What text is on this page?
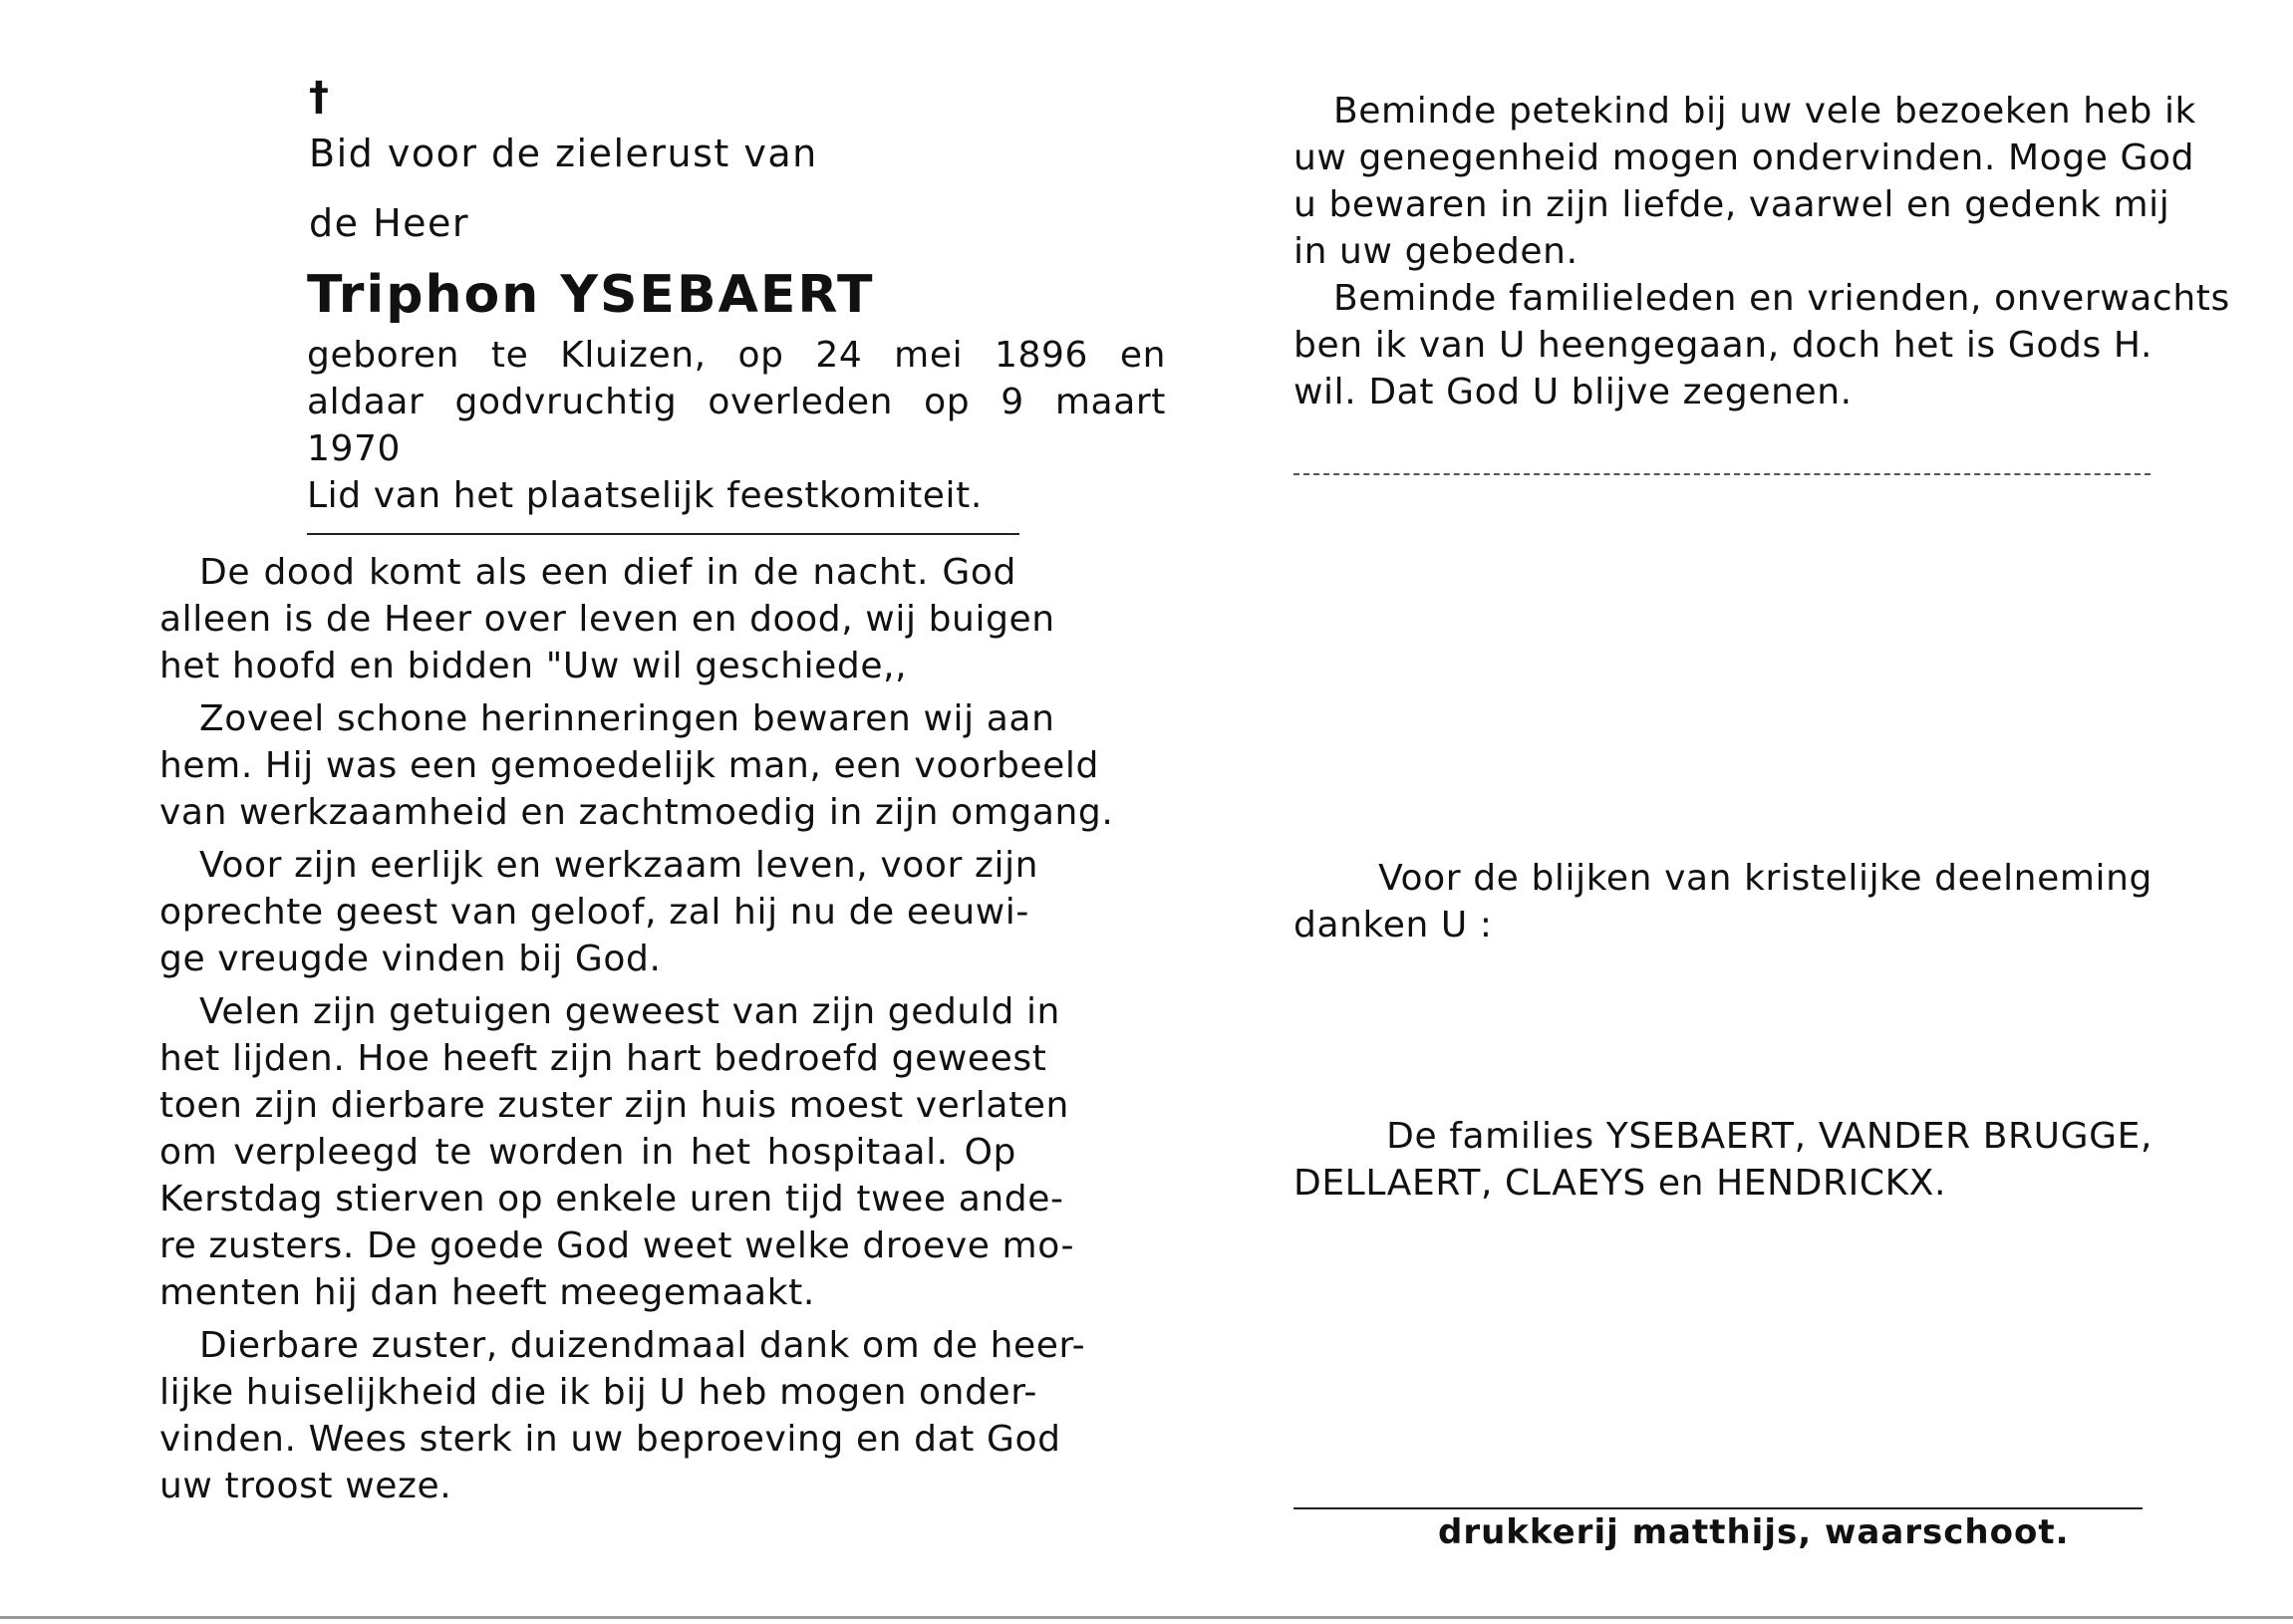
†
Bid voor de zielerust van
de Heer
Triphon YSEBAERT
geboren te Kluizen, op 24 mei 1896 en
aldaar godvruchtig overleden op 9 maart
1970
Lid van het plaatselijk feestkomiteit.
De dood komt als een dief in de nacht. God
alleen is de Heer over leven en dood, wij buigen
het hoofd en bidden "Uw wil geschiede,,
Zoveel schone herinneringen bewaren wij aan
hem. Hij was een gemoedelijk man, een voorbeeld
van werkzaamheid en zachtmoedig in zijn omgang.
Voor zijn eerlijk en werkzaam leven, voor zijn
oprechte geest van geloof, zal hij nu de eeuwi-
ge vreugde vinden bij God.
Velen zijn getuigen geweest van zijn geduld in
het lijden. Hoe heeft zijn hart bedroefd geweest
toen zijn dierbare zuster zijn huis moest verlaten
om verpleegd te worden in het hospitaal. Op
Kerstdag stierven op enkele uren tijd twee ande-
re zusters. De goede God weet welke droeve mo-
menten hij dan heeft meegemaakt.
Dierbare zuster, duizendmaal dank om de heer-
lijke huiselijkheid die ik bij U heb mogen onder-
vinden. Wees sterk in uw beproeving en dat God
uw troost weze.
Beminde petekind bij uw vele bezoeken heb ik
uw genegenheid mogen ondervinden. Moge God
u bewaren in zijn liefde, vaarwel en gedenk mij
in uw gebeden.
Beminde familieleden en vrienden, onverwachts
ben ik van U heengegaan, doch het is Gods H.
wil. Dat God U blijve zegenen.
Voor de blijken van kristelijke deelneming
danken U :
De families YSEBAERT, VANDER BRUGGE,
DELLAERT, CLAEYS en HENDRICKX.
drukkerij matthijs, waarschoot.
